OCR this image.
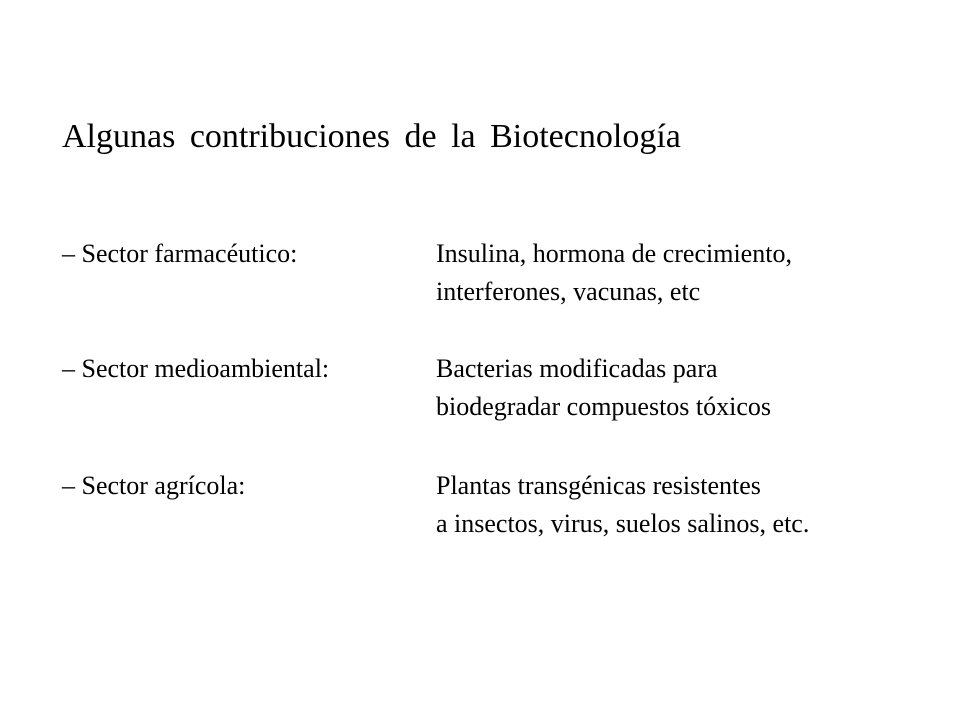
Algunas contribuciones de la Biotecnología
– Sector farmacéutico:	Insulina, hormona de crecimiento,
interferones, vacunas, etc
– Sector medioambiental:	Bacterias modificadas para
biodegradar compuestos tóxicos
– Sector agrícola:	Plantas transgénicas resistentes
a insectos, virus, suelos salinos, etc.
